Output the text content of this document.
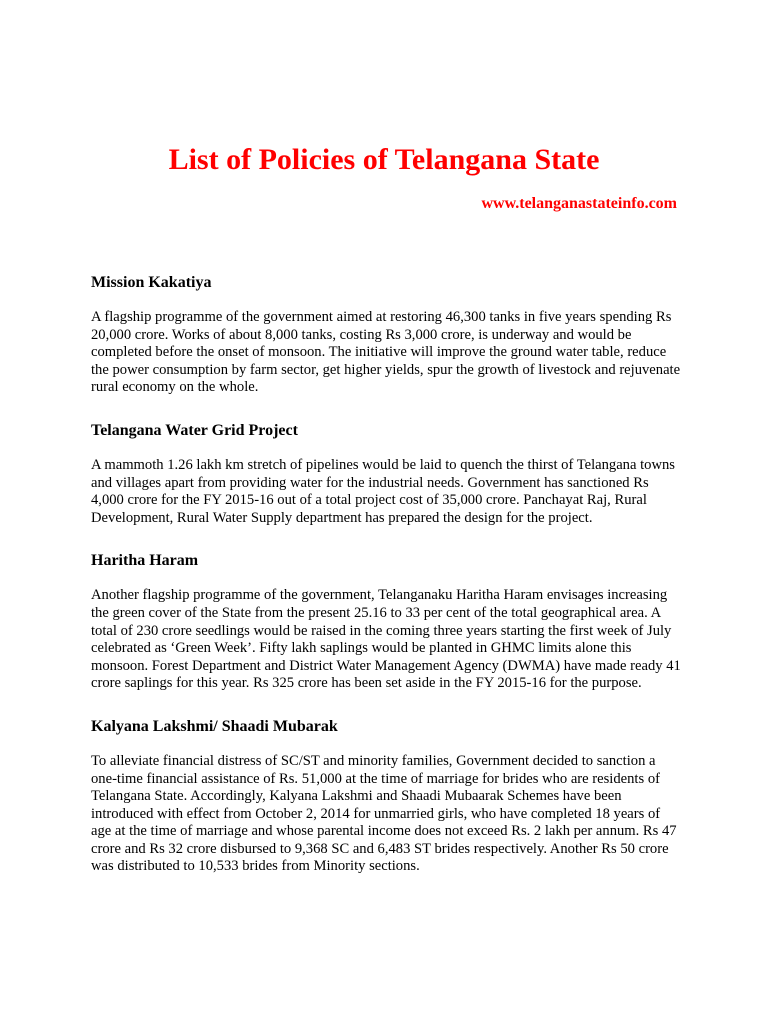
List of Policies of Telangana State

www.telanganastateinfo.com

Mission Kakatiya

A flagship programme of the government aimed at restoring 46,300 tanks in five years spending Rs 20,000 crore. Works of about 8,000 tanks, costing Rs 3,000 crore, is underway and would be completed before the onset of monsoon. The initiative will improve the ground water table, reduce the power consumption by farm sector, get higher yields, spur the growth of livestock and rejuvenate rural economy on the whole.

Telangana Water Grid Project

A mammoth 1.26 lakh km stretch of pipelines would be laid to quench the thirst of Telangana towns and villages apart from providing water for the industrial needs. Government has sanctioned Rs 4,000 crore for the FY 2015-16 out of a total project cost of 35,000 crore. Panchayat Raj, Rural Development, Rural Water Supply department has prepared the design for the project.

Haritha Haram

Another flagship programme of the government, Telanganaku Haritha Haram envisages increasing the green cover of the State from the present 25.16 to 33 per cent of the total geographical area. A total of 230 crore seedlings would be raised in the coming three years starting the first week of July celebrated as ‘Green Week’. Fifty lakh saplings would be planted in GHMC limits alone this monsoon. Forest Department and District Water Management Agency (DWMA) have made ready 41 crore saplings for this year. Rs 325 crore has been set aside in the FY 2015-16 for the purpose.

Kalyana Lakshmi/ Shaadi Mubarak

To alleviate financial distress of SC/ST and minority families, Government decided to sanction a one-time financial assistance of Rs. 51,000 at the time of marriage for brides who are residents of Telangana State. Accordingly, Kalyana Lakshmi and Shaadi Mubaarak Schemes have been introduced with effect from October 2, 2014 for unmarried girls, who have completed 18 years of age at the time of marriage and whose parental income does not exceed Rs. 2 lakh per annum. Rs 47 crore and Rs 32 crore disbursed to 9,368 SC and 6,483 ST brides respectively. Another Rs 50 crore was distributed to 10,533 brides from Minority sections.
